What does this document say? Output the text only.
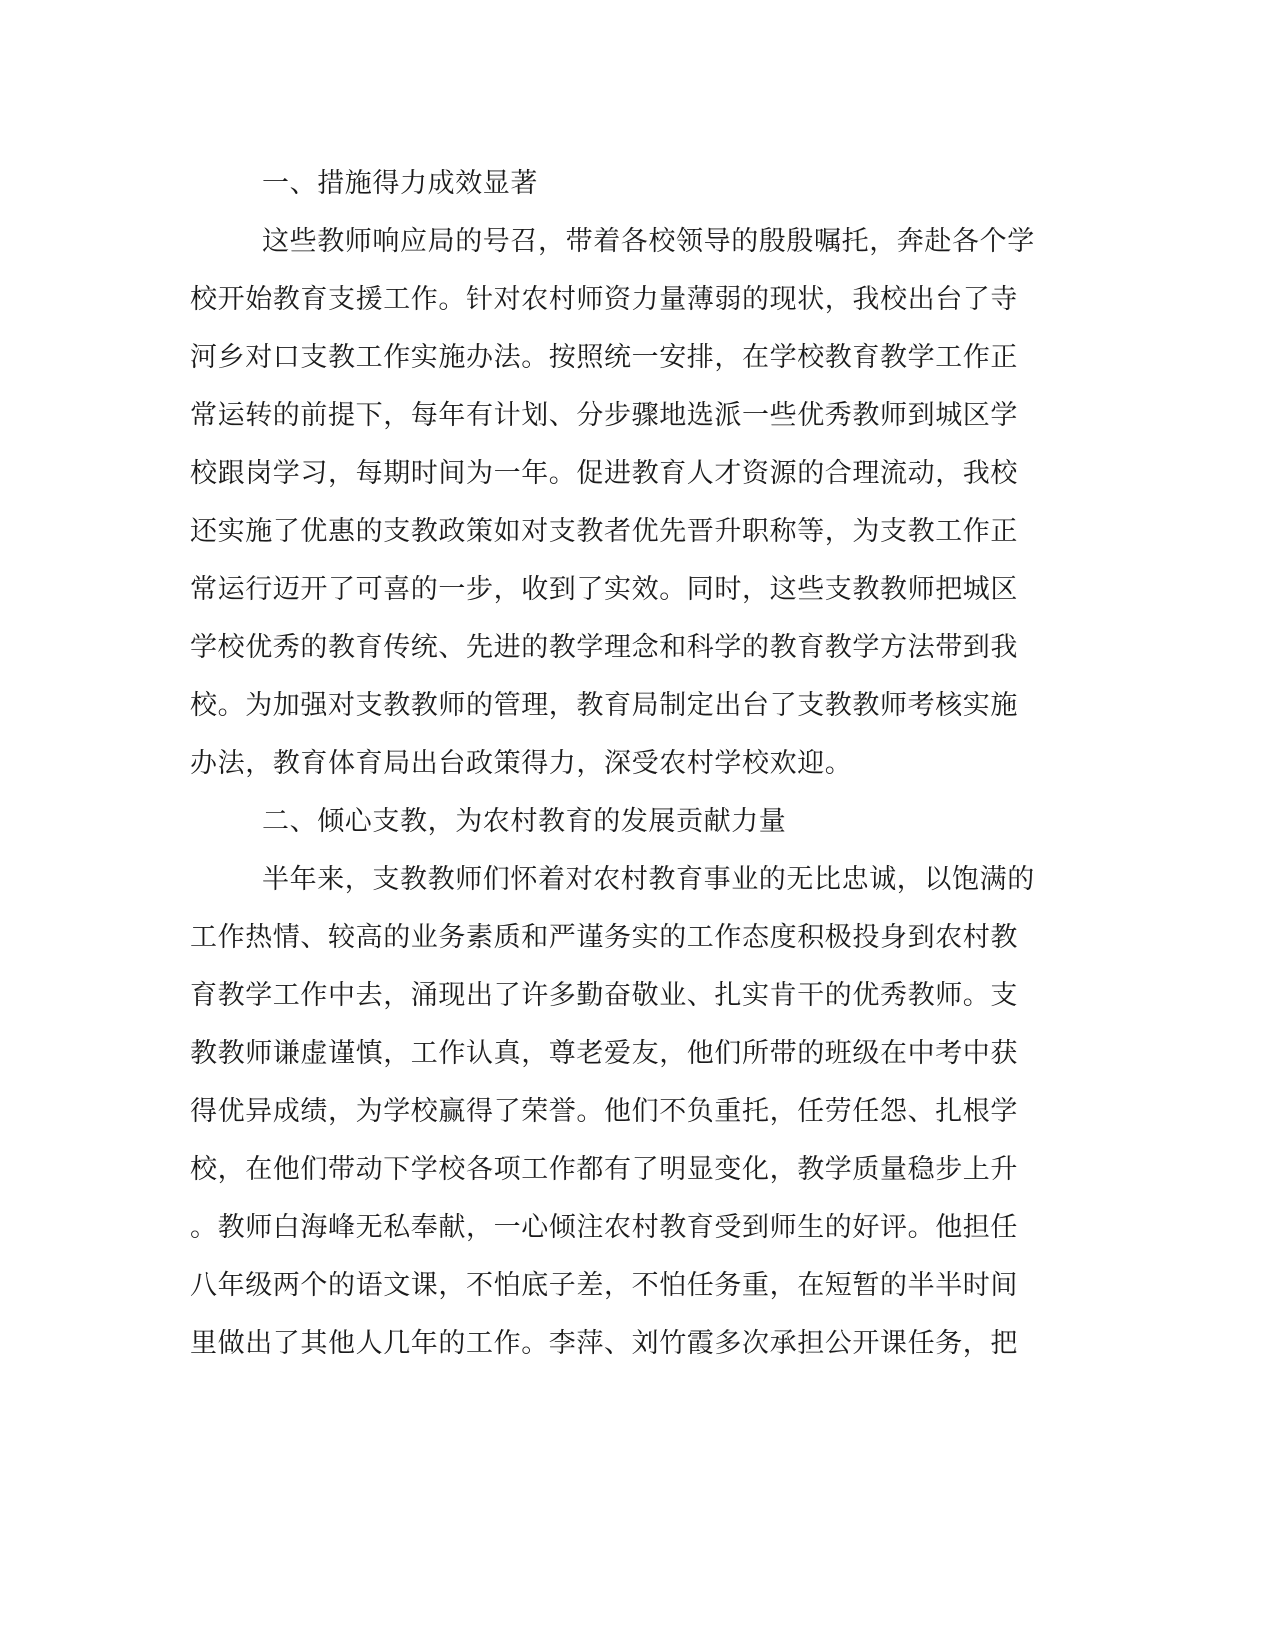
一、措施得力成效显著

这些教师响应局的号召，带着各校领导的殷殷嘱托，奔赴各个学

校开始教育支援工作。针对农村师资力量薄弱的现状，我校出台了寺

河乡对口支教工作实施办法。按照统一安排，在学校教育教学工作正

常运转的前提下，每年有计划、分步骤地选派一些优秀教师到城区学

校跟岗学习，每期时间为一年。促进教育人才资源的合理流动，我校

还实施了优惠的支教政策如对支教者优先晋升职称等，为支教工作正

常运行迈开了可喜的一步，收到了实效。同时，这些支教教师把城区

学校优秀的教育传统、先进的教学理念和科学的教育教学方法带到我

校。为加强对支教教师的管理，教育局制定出台了支教教师考核实施

办法，教育体育局出台政策得力，深受农村学校欢迎。

二、倾心支教，为农村教育的发展贡献力量

半年来，支教教师们怀着对农村教育事业的无比忠诚，以饱满的

工作热情、较高的业务素质和严谨务实的工作态度积极投身到农村教

育教学工作中去，涌现出了许多勤奋敬业、扎实肯干的优秀教师。支

教教师谦虚谨慎，工作认真，尊老爱友，他们所带的班级在中考中获

得优异成绩，为学校赢得了荣誉。他们不负重托，任劳任怨、扎根学

校，在他们带动下学校各项工作都有了明显变化，教学质量稳步上升

。教师白海峰无私奉献，一心倾注农村教育受到师生的好评。他担任

八年级两个的语文课，不怕底子差，不怕任务重，在短暂的半半时间

里做出了其他人几年的工作。李萍、刘竹霞多次承担公开课任务，把
